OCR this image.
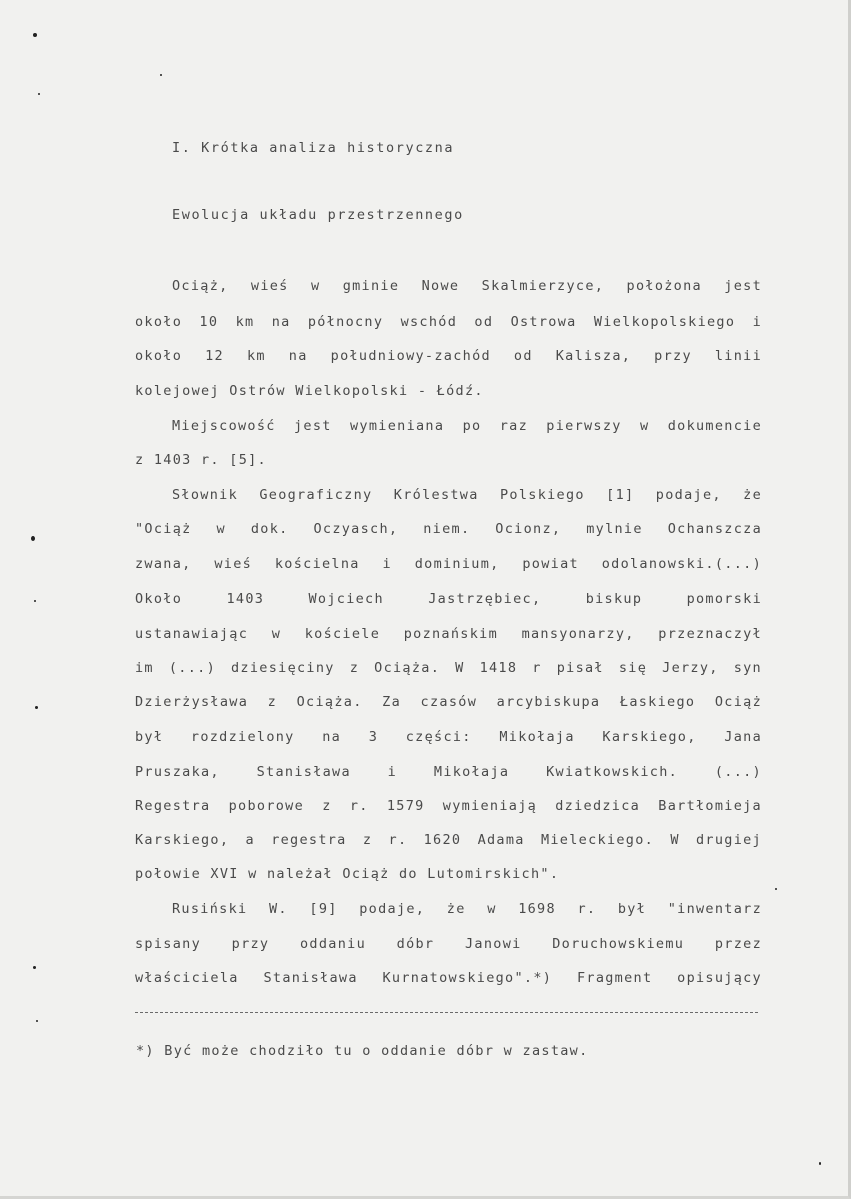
I. Krótka analiza historyczna
Ewolucja układu przestrzennego
Ociąż, wieś w gminie Nowe Skalmierzyce, położona jest
około 10 km na północny wschód od Ostrowa Wielkopolskiego i
około 12 km na południowy-zachód od Kalisza, przy linii
kolejowej Ostrów Wielkopolski - Łódź.
Miejscowość jest wymieniana po raz pierwszy w dokumencie
z 1403 r. [5].
Słownik Geograficzny Królestwa Polskiego [1] podaje, że
"Ociąż w dok. Oczyasch, niem. Ocionz, mylnie Ochanszcza
zwana, wieś kościelna i dominium, powiat odolanowski.(...)
Około 1403 Wojciech Jastrzębiec, biskup pomorski
ustanawiając w kościele poznańskim mansyonarzy, przeznaczył
im (...) dziesięciny z Ociąża. W 1418 r pisał się Jerzy, syn
Dzierżysława z Ociąża. Za czasów arcybiskupa Łaskiego Ociąż
był rozdzielony na 3 części: Mikołaja Karskiego, Jana
Pruszaka, Stanisława i Mikołaja Kwiatkowskich. (...)
Regestra poborowe z r. 1579 wymieniają dziedzica Bartłomieja
Karskiego, a regestra z r. 1620 Adama Mieleckiego. W drugiej
połowie XVI w należał Ociąż do Lutomirskich".
Rusiński W. [9] podaje, że w 1698 r. był "inwentarz
spisany przy oddaniu dóbr Janowi Doruchowskiemu przez
właściciela Stanisława Kurnatowskiego".*) Fragment opisujący
*) Być może chodziło tu o oddanie dóbr w zastaw.
